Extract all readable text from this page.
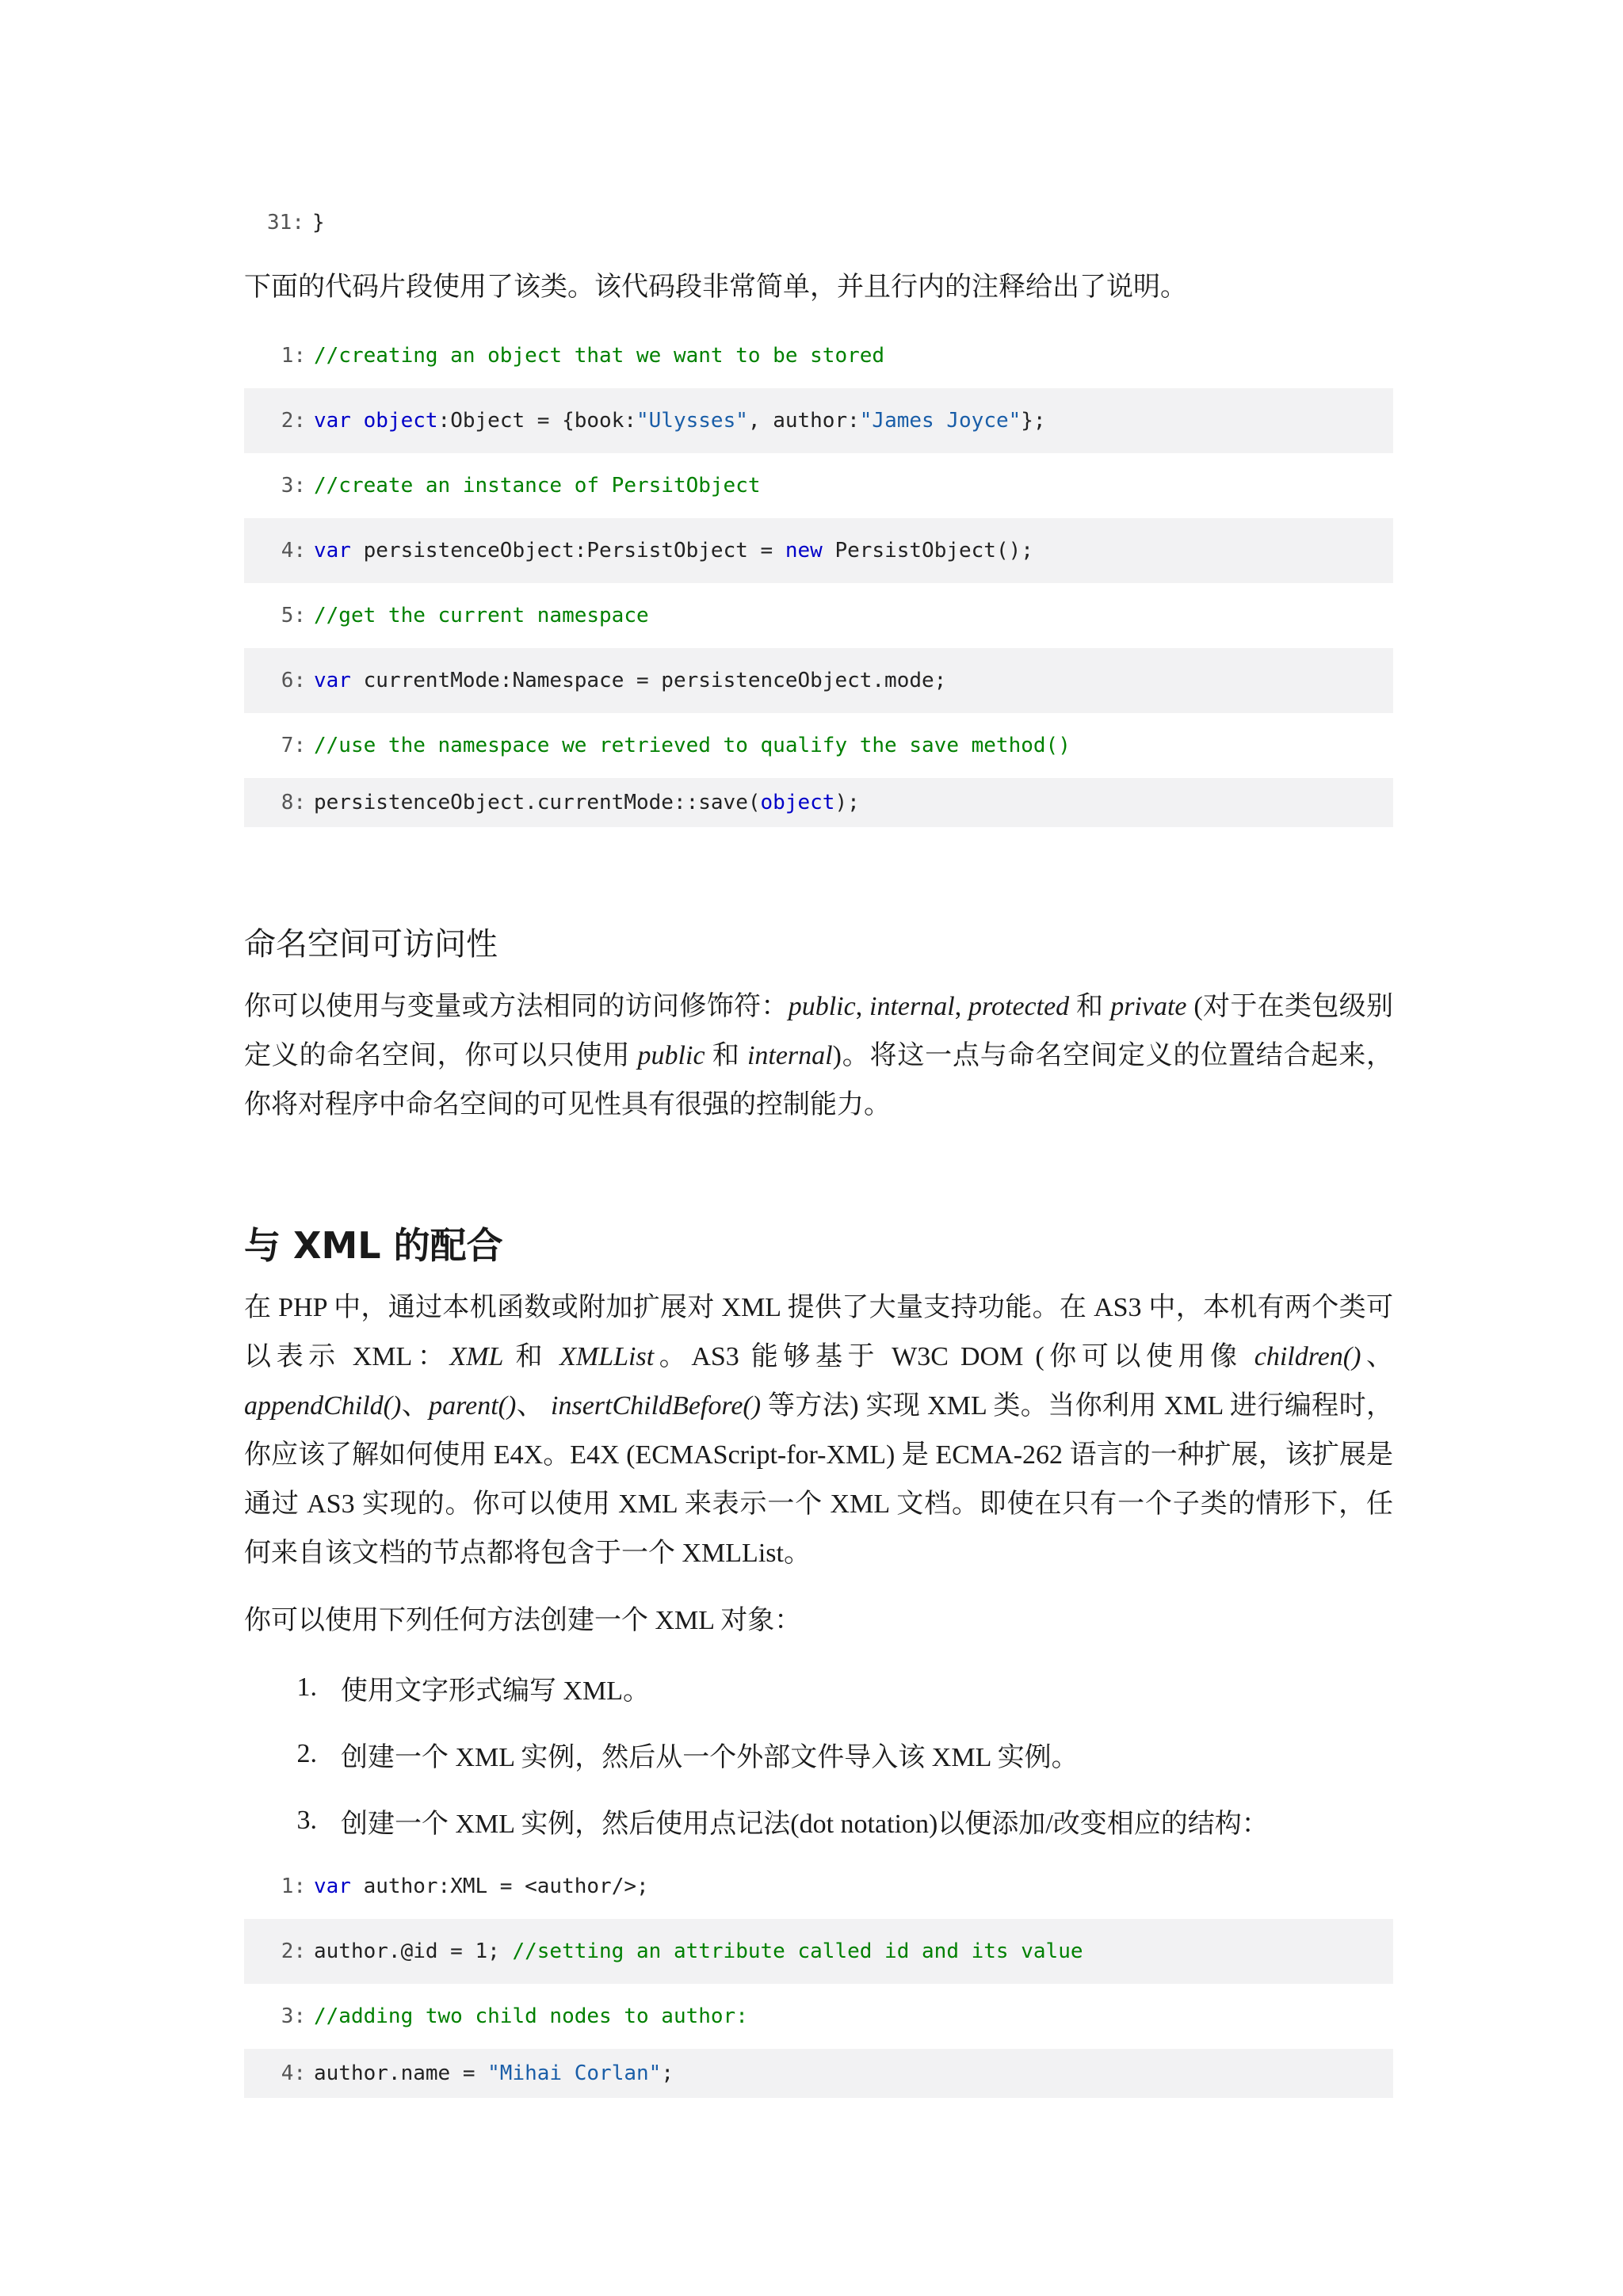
31: }

下面的代码片段使用了该类。该代码段非常简单，并且行内的注释给出了说明。

1: //creating an object that we want to be stored
2: var
object :Object = {book: "Ulysses" , author: "James Joyce" };
3: //create an instance of PersitObject
4: var persistenceObject:PersistObject = new PersistObject();
5: //get the current namespace
6: var currentMode:Namespace = persistenceObject.mode;
7: //use the namespace we retrieved to qualify the save method()
8: persistenceObject.currentMode::save( object );
命名空间可访问性

你可以使用与变量或方法相同的访问修饰符：public, internal, protected 和 private (对于在类包级别定义的命名空间，你可以只使用 public 和 internal)。将这一点与命名空间定义的位置结合起来，你将对程序中命名空间的可见性具有很强的控制能力。

与 XML 的配合

在 PHP 中，通过本机函数或附加扩展对 XML 提供了大量支持功能。在 AS3 中，本机有两个类可以表示 XML：XML 和 XMLList。AS3 能够基于 W3C DOM (你可以使用像 children()、appendChild()、parent()、 insertChildBefore() 等方法) 实现 XML 类。当你利用 XML 进行编程时，你应该了解如何使用 E4X。E4X (ECMAScript-for-XML) 是 ECMA-262 语言的一种扩展，该扩展是通过 AS3 实现的。你可以使用 XML 来表示一个 XML 文档。即使在只有一个子类的情形下，任何来自该文档的节点都将包含于一个 XMLList。

你可以使用下列任何方法创建一个 XML 对象：

1. 使用文字形式编写 XML。
2. 创建一个 XML 实例，然后从一个外部文件导入该 XML 实例。
3. 创建一个 XML 实例，然后使用点记法(dot notation)以便添加/改变相应的结构：
1: var author:XML = <author/>;
2: author.@id = 1; //setting an attribute called id and its value
3: //adding two child nodes to author:
4: author.name = "Mihai Corlan" ;
